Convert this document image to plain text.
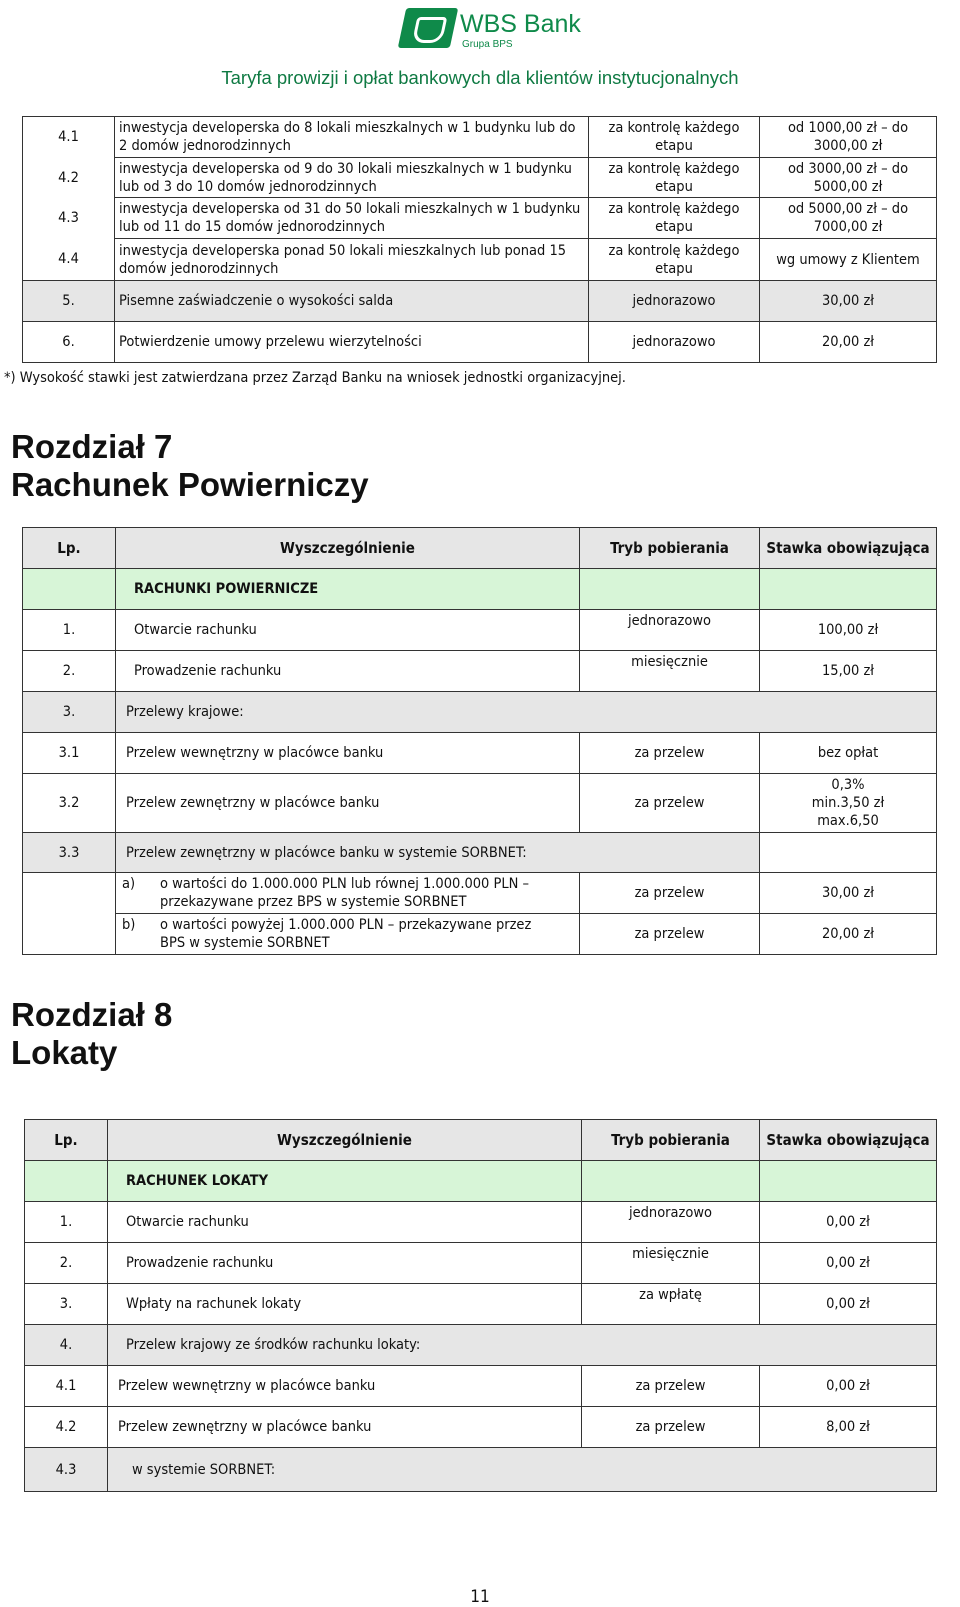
WBS Bank
Grupa BPS
Taryfa prowizji i opłat bankowych dla klientów instytucjonalnych
4.1	inwestycja developerska do 8 lokali mieszkalnych w 1 budynku lub do 2 domów jednorodzinnych	za kontrolę każdego etapu	od 1000,00 zł – do 3000,00 zł
4.2	inwestycja developerska od 9 do 30 lokali mieszkalnych w 1 budynku lub od 3 do 10 domów jednorodzinnych	za kontrolę każdego etapu	od 3000,00 zł – do 5000,00 zł
4.3	inwestycja developerska od 31 do 50 lokali mieszkalnych w 1 budynku lub od 11 do 15 domów jednorodzinnych	za kontrolę każdego etapu	od 5000,00 zł – do 7000,00 zł
4.4	inwestycja developerska ponad 50 lokali mieszkalnych lub ponad 15 domów jednorodzinnych	za kontrolę każdego etapu	wg umowy z Klientem
5.	Pisemne zaświadczenie o wysokości salda	jednorazowo	30,00 zł
6.	Potwierdzenie umowy przelewu wierzytelności	jednorazowo	20,00 zł
*) Wysokość stawki jest zatwierdzana przez Zarząd Banku na wniosek jednostki organizacyjnej.
Rozdział 7
Rachunek Powierniczy
Lp.	Wyszczególnienie	Tryb pobierania	Stawka obowiązująca
	RACHUNKI POWIERNICZE		
1.	Otwarcie rachunku	jednorazowo	100,00 zł
2.	Prowadzenie rachunku	miesięcznie	15,00 zł
3.	Przelewy krajowe:		
3.1	Przelew wewnętrzny w placówce banku	za przelew	bez opłat
3.2	Przelew zewnętrzny w placówce banku	za przelew	0,3% min.3,50 zł max.6,50
3.3	Przelew zewnętrzny w placówce banku w systemie SORBNET:		

	a) o wartości do 1.000.000 PLN lub równej 1.000.000 PLN – przekazywane przez BPS w systemie SORBNET	za przelew	30,00 zł

	b) o wartości powyżej 1.000.000 PLN – przekazywane przez BPS w systemie SORBNET	za przelew	20,00 zł
Rozdział 8
Lokaty
Lp.	Wyszczególnienie	Tryb pobierania	Stawka obowiązująca
	RACHUNEK LOKATY		
1.	Otwarcie rachunku	jednorazowo	0,00 zł
2.	Prowadzenie rachunku	miesięcznie	0,00 zł
3.	Wpłaty na rachunek lokaty	za wpłatę	0,00 zł
4.	Przelew krajowy ze środków rachunku lokaty:		
4.1	Przelew wewnętrzny w placówce banku	za przelew	0,00 zł
4.2	Przelew zewnętrzny w placówce banku	za przelew	8,00 zł
4.3	w systemie SORBNET:		
11
